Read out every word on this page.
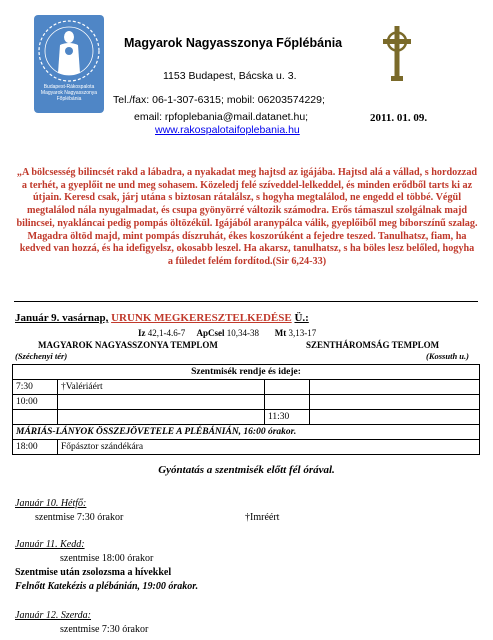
Budapest-Rákospalota Magyarok Nagyasszonya Főplébánia
Magyarok Nagyasszonya Főplébánia
1153 Budapest, Bácska u. 3.
Tel./fax: 06-1-307-6315; mobil: 06203574229;
email: rpfoplebania@mail.datanet.hu;
www.rakospalotaifoplebania.hu
2011. 01. 09.
„A bölcsesség bilincsét rakd a lábadra, a nyakadat meg hajtsd az igájába. Hajtsd alá a vállad, s hordozzad a terhét, a gyeplőit ne und meg sohasem. Közeledj felé szíveddel-lelkeddel, és minden erődből tarts ki az útjain. Keresd csak, járj utána s biztosan rátalálsz, s hogyha megtalálod, ne engedd el többé. Végül megtalálod nála nyugalmadat, és csupa gyönyörré változik számodra. Erős támaszul szolgálnak majd bilincsei, nyakláncai pedig pompás öltözékül. Igájából aranypálca válik, gyeplőiből meg bíborszínű szalag. Magadra öltöd majd, mint pompás díszruhát, ékes koszorúként a fejedre teszed. Tanulhatsz, fiam, ha kedved van hozzá, és ha idefigyelsz, okosabb leszel. Ha akarsz, tanulhatsz, s ha böles lesz belőled, hogyha a füledet felém fordítod.(Sir 6,24-33)
Január 9. vasárnap, URUNK MEGKERESZTELKEDÉSE Ü.:
Iz 42,1-4.6-7 ApCsel 10,34-38 Mt 3,13-17
MAGYAROK NAGYASSZONYA TEMPLOM	SZENTHÁROMSÁG TEMPLOM
(Széchenyi tér)	(Kossuth u.)
Szentmisék rendje és ideje:			
7:30	†Valériáért		
10:00			
		11:30	
MÁRIÁS-LÁNYOK ÖSSZEJÖVETELE A PLÉBÁNIÁN, 16:00 órakor.			
18:00	Főpásztor szándékára		
Gyóntatás a szentmisék előtt fél órával.
Január 10. Hétfő:
szentmise 7:30 órakor	†Imréért
Január 11. Kedd:
szentmise 18:00 órakor
Szentmise után zsolozsma a hívekkel
Felnőtt Katekézis a plébánián, 19:00 órakor.
Január 12. Szerda:
szentmise 7:30 órakor
